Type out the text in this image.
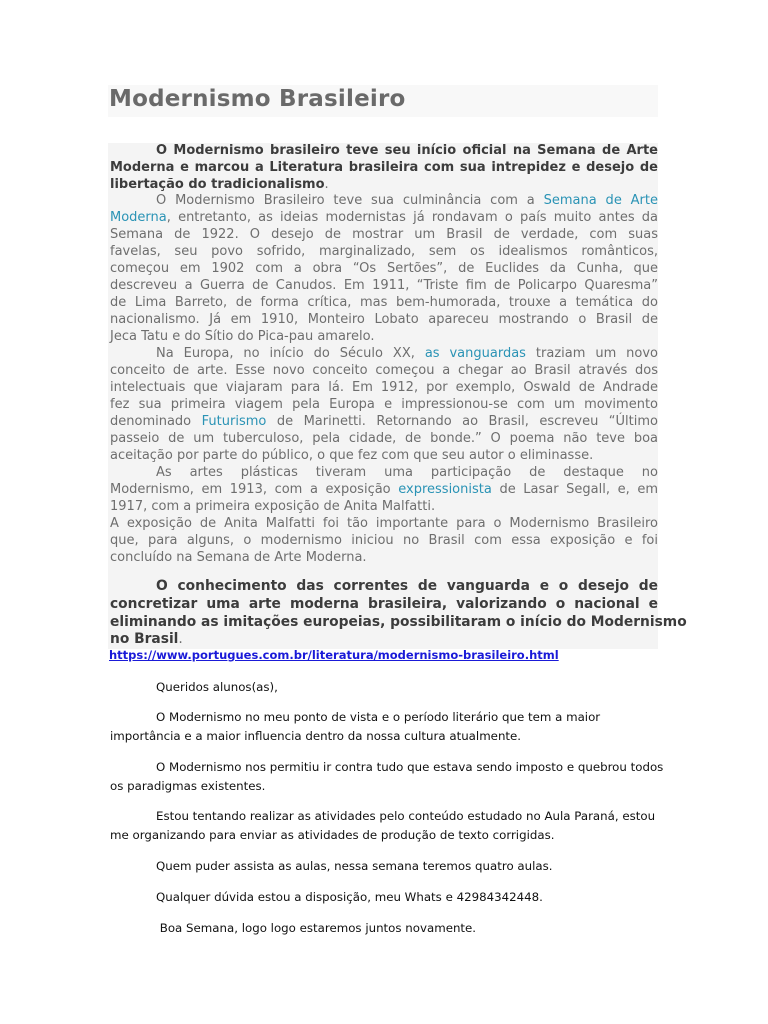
Modernismo Brasileiro
O Modernismo brasileiro teve seu início oficial na Semana de Arte
Moderna e marcou a Literatura brasileira com sua intrepidez e desejo de
libertação do tradicionalismo.
O Modernismo Brasileiro teve sua culminância com a Semana de Arte
Moderna, entretanto, as ideias modernistas já rondavam o país muito antes da
Semana de 1922. O desejo de mostrar um Brasil de verdade, com suas
favelas, seu povo sofrido, marginalizado, sem os idealismos românticos,
começou em 1902 com a obra “Os Sertões”, de Euclides da Cunha, que
descreveu a Guerra de Canudos. Em 1911, “Triste fim de Policarpo Quaresma”
de Lima Barreto, de forma crítica, mas bem-humorada, trouxe a temática do
nacionalismo. Já em 1910, Monteiro Lobato apareceu mostrando o Brasil de
Jeca Tatu e do Sítio do Pica-pau amarelo.
Na Europa, no início do Século XX, as vanguardas traziam um novo
conceito de arte. Esse novo conceito começou a chegar ao Brasil através dos
intelectuais que viajaram para lá. Em 1912, por exemplo, Oswald de Andrade
fez sua primeira viagem pela Europa e impressionou-se com um movimento
denominado Futurismo de Marinetti. Retornando ao Brasil, escreveu “Último
passeio de um tuberculoso, pela cidade, de bonde.” O poema não teve boa
aceitação por parte do público, o que fez com que seu autor o eliminasse.
As artes plásticas tiveram uma participação de destaque no
Modernismo, em 1913, com a exposição expressionista de Lasar Segall, e, em
1917, com a primeira exposição de Anita Malfatti.
A exposição de Anita Malfatti foi tão importante para o Modernismo Brasileiro
que, para alguns, o modernismo iniciou no Brasil com essa exposição e foi
concluído na Semana de Arte Moderna.
O conhecimento das correntes de vanguarda e o desejo de
concretizar uma arte moderna brasileira, valorizando o nacional e
eliminando as imitações europeias, possibilitaram o início do Modernismo
no Brasil.
https://www.portugues.com.br/literatura/modernismo-brasileiro.html
Queridos alunos(as),
O Modernismo no meu ponto de vista e o período literário que tem a maior
importância e a maior influencia dentro da nossa cultura atualmente.
O Modernismo nos permitiu ir contra tudo que estava sendo imposto e quebrou todos
os paradigmas existentes.
Estou tentando realizar as atividades pelo conteúdo estudado no Aula Paraná, estou
me organizando para enviar as atividades de produção de texto corrigidas.
Quem puder assista as aulas, nessa semana teremos quatro aulas.
Qualquer dúvida estou a disposição, meu Whats e 42984342448.
Boa Semana, logo logo estaremos juntos novamente.
